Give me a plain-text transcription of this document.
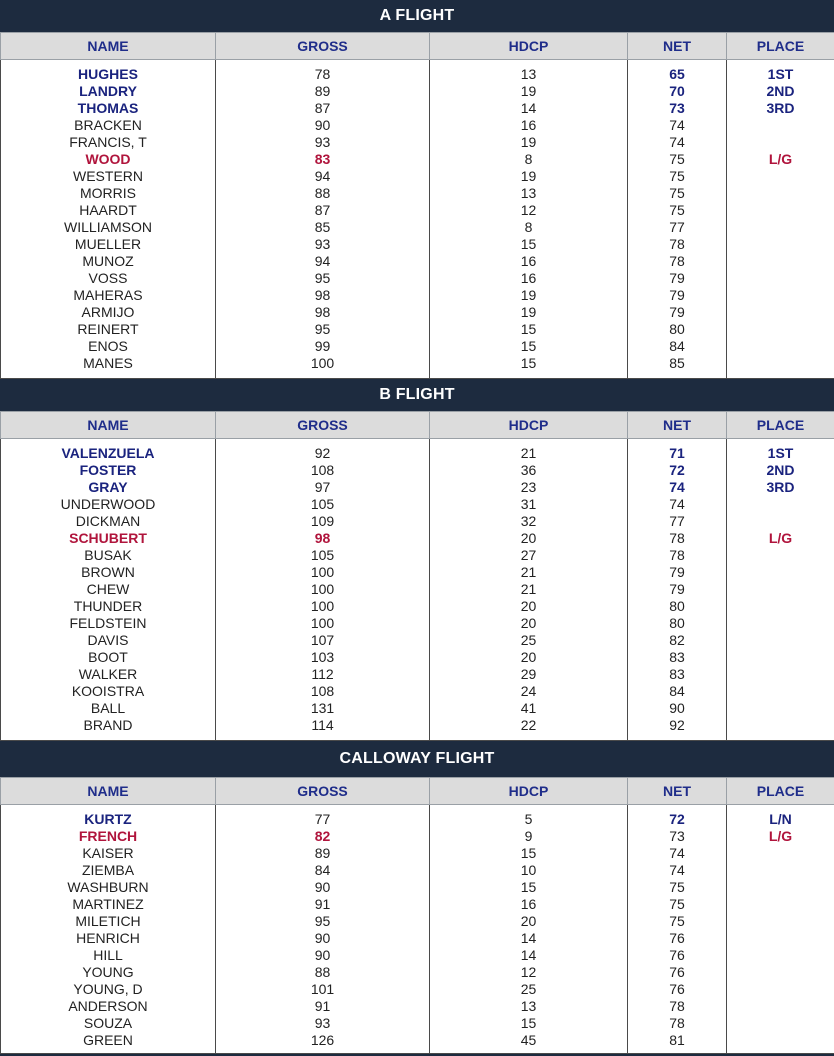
A FLIGHT
NAME	GROSS	HDCP	NET	PLACE

HUGHES	78	13	65	1ST
LANDRY	89	19	70	2ND
THOMAS	87	14	73	3RD
BRACKEN	90	16	74	
FRANCIS, T	93	19	74	
WOOD	83	8	75	L/G
WESTERN	94	19	75	
MORRIS	88	13	75	
HAARDT	87	12	75	
WILLIAMSON	85	8	77	
MUELLER	93	15	78	
MUNOZ	94	16	78	
VOSS	95	16	79	
MAHERAS	98	19	79	
ARMIJO	98	19	79	
REINERT	95	15	80	
ENOS	99	15	84	
MANES	100	15	85	

B FLIGHT
NAME	GROSS	HDCP	NET	PLACE

VALENZUELA	92	21	71	1ST
FOSTER	108	36	72	2ND
GRAY	97	23	74	3RD
UNDERWOOD	105	31	74	
DICKMAN	109	32	77	
SCHUBERT	98	20	78	L/G
BUSAK	105	27	78	
BROWN	100	21	79	
CHEW	100	21	79	
THUNDER	100	20	80	
FELDSTEIN	100	20	80	
DAVIS	107	25	82	
BOOT	103	20	83	
WALKER	112	29	83	
KOOISTRA	108	24	84	
BALL	131	41	90	
BRAND	114	22	92	

CALLOWAY FLIGHT
NAME	GROSS	HDCP	NET	PLACE

KURTZ	77	5	72	L/N
FRENCH	82	9	73	L/G
KAISER	89	15	74	
ZIEMBA	84	10	74	
WASHBURN	90	15	75	
MARTINEZ	91	16	75	
MILETICH	95	20	75	
HENRICH	90	14	76	
HILL	90	14	76	
YOUNG	88	12	76	
YOUNG, D	101	25	76	
ANDERSON	91	13	78	
SOUZA	93	15	78	
GREEN	126	45	81	
